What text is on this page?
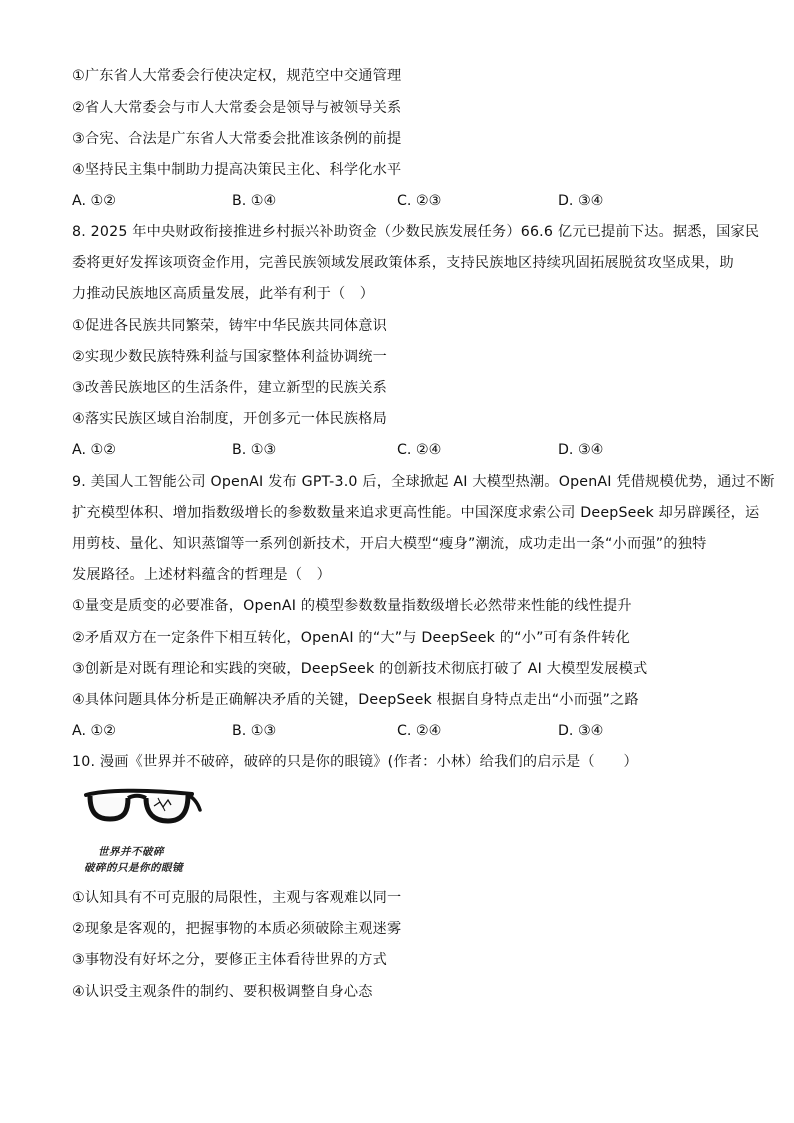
①广东省人大常委会行使决定权，规范空中交通管理
②省人大常委会与市人大常委会是领导与被领导关系
③合宪、合法是广东省人大常委会批准该条例的前提
④坚持民主集中制助力提高决策民主化、科学化水平
A. ①②	B. ①④	C. ②③	D. ③④
8. 2025 年中央财政衔接推进乡村振兴补助资金（少数民族发展任务）66.6 亿元已提前下达。据悉，国家民
委将更好发挥该项资金作用，完善民族领域发展政策体系，支持民族地区持续巩固拓展脱贫攻坚成果，助
力推动民族地区高质量发展，此举有利于（　）
①促进各民族共同繁荣，铸牢中华民族共同体意识
②实现少数民族特殊利益与国家整体利益协调统一
③改善民族地区的生活条件，建立新型的民族关系
④落实民族区域自治制度，开创多元一体民族格局
A. ①②	B. ①③	C. ②④	D. ③④
9. 美国人工智能公司 OpenAI 发布 GPT-3.0 后，全球掀起 AI 大模型热潮。OpenAI 凭借规模优势，通过不断
扩充模型体积、增加指数级增长的参数数量来追求更高性能。中国深度求索公司 DeepSeek 却另辟蹊径，运
用剪枝、量化、知识蒸馏等一系列创新技术，开启大模型“瘦身”潮流，成功走出一条“小而强”的独特
发展路径。上述材料蕴含的哲理是（　）
①量变是质变的必要准备，OpenAI 的模型参数数量指数级增长必然带来性能的线性提升
②矛盾双方在一定条件下相互转化，OpenAI 的“大”与 DeepSeek 的“小”可有条件转化
③创新是对既有理论和实践的突破，DeepSeek 的创新技术彻底打破了 AI 大模型发展模式
④具体问题具体分析是正确解决矛盾的关键，DeepSeek 根据自身特点走出“小而强”之路
A. ①②	B. ①③	C. ②④	D. ③④
10. 漫画《世界并不破碎，破碎的只是你的眼镜》(作者：小林）给我们的启示是（　　）
世界并不破碎
破碎的只是你的眼镜
①认知具有不可克服的局限性，主观与客观难以同一
②现象是客观的，把握事物的本质必须破除主观迷雾
③事物没有好坏之分，要修正主体看待世界的方式
④认识受主观条件的制约、要积极调整自身心态
